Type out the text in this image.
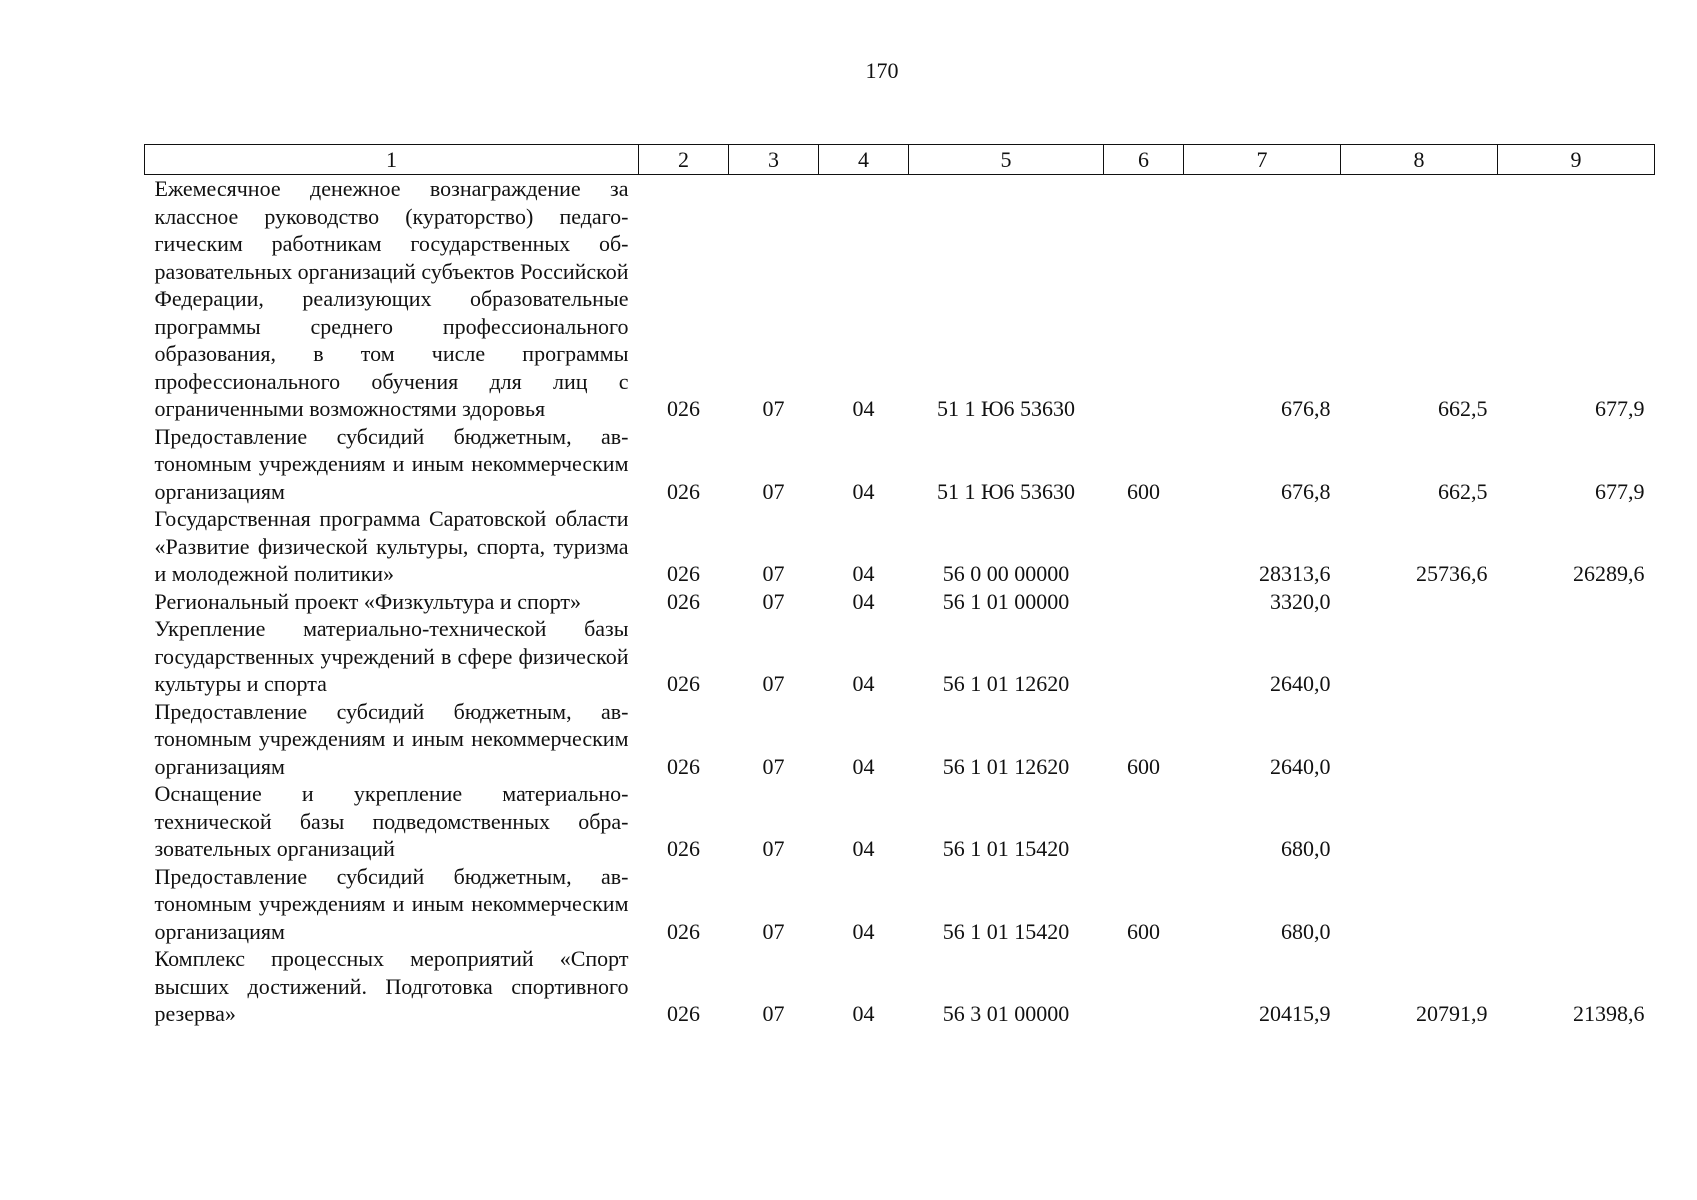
170
1	2	3	4	5	6	7	8	9
Ежемесячное денежное вознаграждение за классное руководство (кураторство) педагогическим работникам государственных образовательных организаций субъектов Российской Федерации, реализующих образовательные программы среднего профессионального образования, в том числе программы профессионального обучения для лиц с ограниченными возможностями здоровья	026	07	04	51 1 Ю6 53630		676,8	662,5	677,9
Предоставление субсидий бюджетным, автономным учреждениям и иным некоммерческим организациям	026	07	04	51 1 Ю6 53630	600	676,8	662,5	677,9
Государственная программа Саратовской области «Развитие физической культуры, спорта, туризма и молодежной политики»	026	07	04	56 0 00 00000		28313,6	25736,6	26289,6
Региональный проект «Физкультура и спорт»	026	07	04	56 1 01 00000		3320,0		
Укрепление материально-технической базы государственных учреждений в сфере физической культуры и спорта	026	07	04	56 1 01 12620		2640,0		
Предоставление субсидий бюджетным, автономным учреждениям и иным некоммерческим организациям	026	07	04	56 1 01 12620	600	2640,0		
Оснащение и укрепление материально-технической базы подведомственных образовательных организаций	026	07	04	56 1 01 15420		680,0		
Предоставление субсидий бюджетным, автономным учреждениям и иным некоммерческим организациям	026	07	04	56 1 01 15420	600	680,0		
Комплекс процессных мероприятий «Спорт высших достижений. Подготовка спортивного резерва»	026	07	04	56 3 01 00000		20415,9	20791,9	21398,6
